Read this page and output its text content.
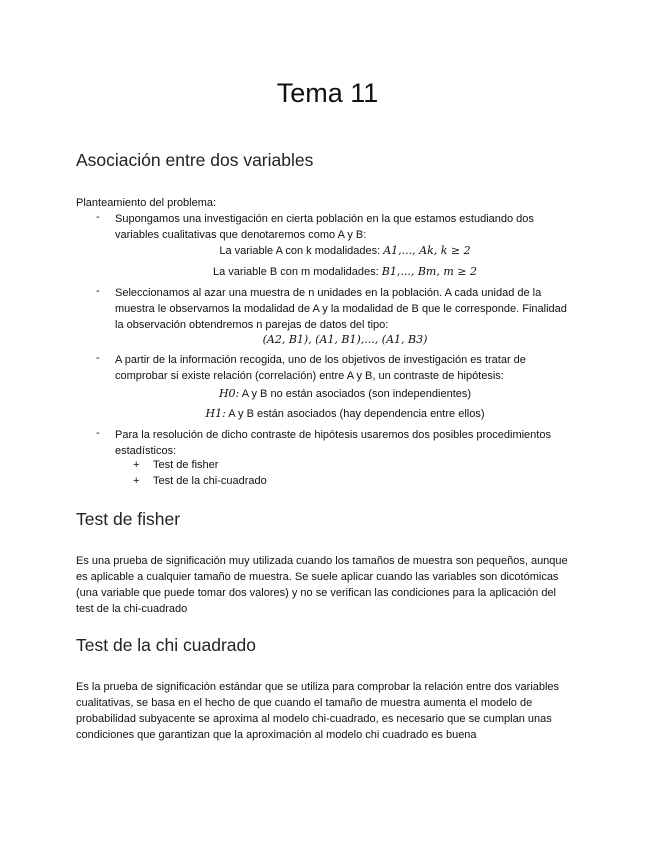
Tema 11
Asociación entre dos variables

Planteamiento del problema:

- Supongamos una investigación en cierta población en la que estamos estudiando dos variables cualitativas que denotaremos como A y B:

La variable A con k modalidades: A1,..., Ak, k ≥ 2
La variable B con m modalidades: B1,..., Bm, m ≥ 2
- Seleccionamos al azar una muestra de n unidades en la población. A cada unidad de la muestra le observamos la modalidad de A y la modalidad de B que le corresponde. Finalidad la observación obtendremos n parejas de datos del tipo:

(A2, B1), (A1, B1),..., (A1, B3)
- A partir de la información recogida, uno de los objetivos de investigación es tratar de comprobar si existe relación (correlación) entre A y B, un contraste de hipótesis:

H0: A y B no están asociados (son independientes)
H1: A y B están asociados (hay dependencia entre ellos)
- Para la resolución de dicho contraste de hipótesis usaremos dos posibles procedimientos estadísticos:

+ Test de fisher
+ Test de la chi-cuadrado
Test de fisher

Es una prueba de significación muy utilizada cuando los tamaños de muestra son pequeños, aunque es aplicable a cualquier tamaño de muestra. Se suele aplicar cuando las variables son dicotómicas (una variable que puede tomar dos valores) y no se verifican las condiciones para la aplicación del test de la chi-cuadrado

Test de la chi cuadrado

Es la prueba de significación estándar que se utiliza para comprobar la relación entre dos variables cualitativas, se basa en el hecho de que cuando el tamaño de muestra aumenta el modelo de probabilidad subyacente se aproxima al modelo chi-cuadrado, es necesario que se cumplan unas condiciones que garantizan que la aproximación al modelo chi cuadrado es buena
